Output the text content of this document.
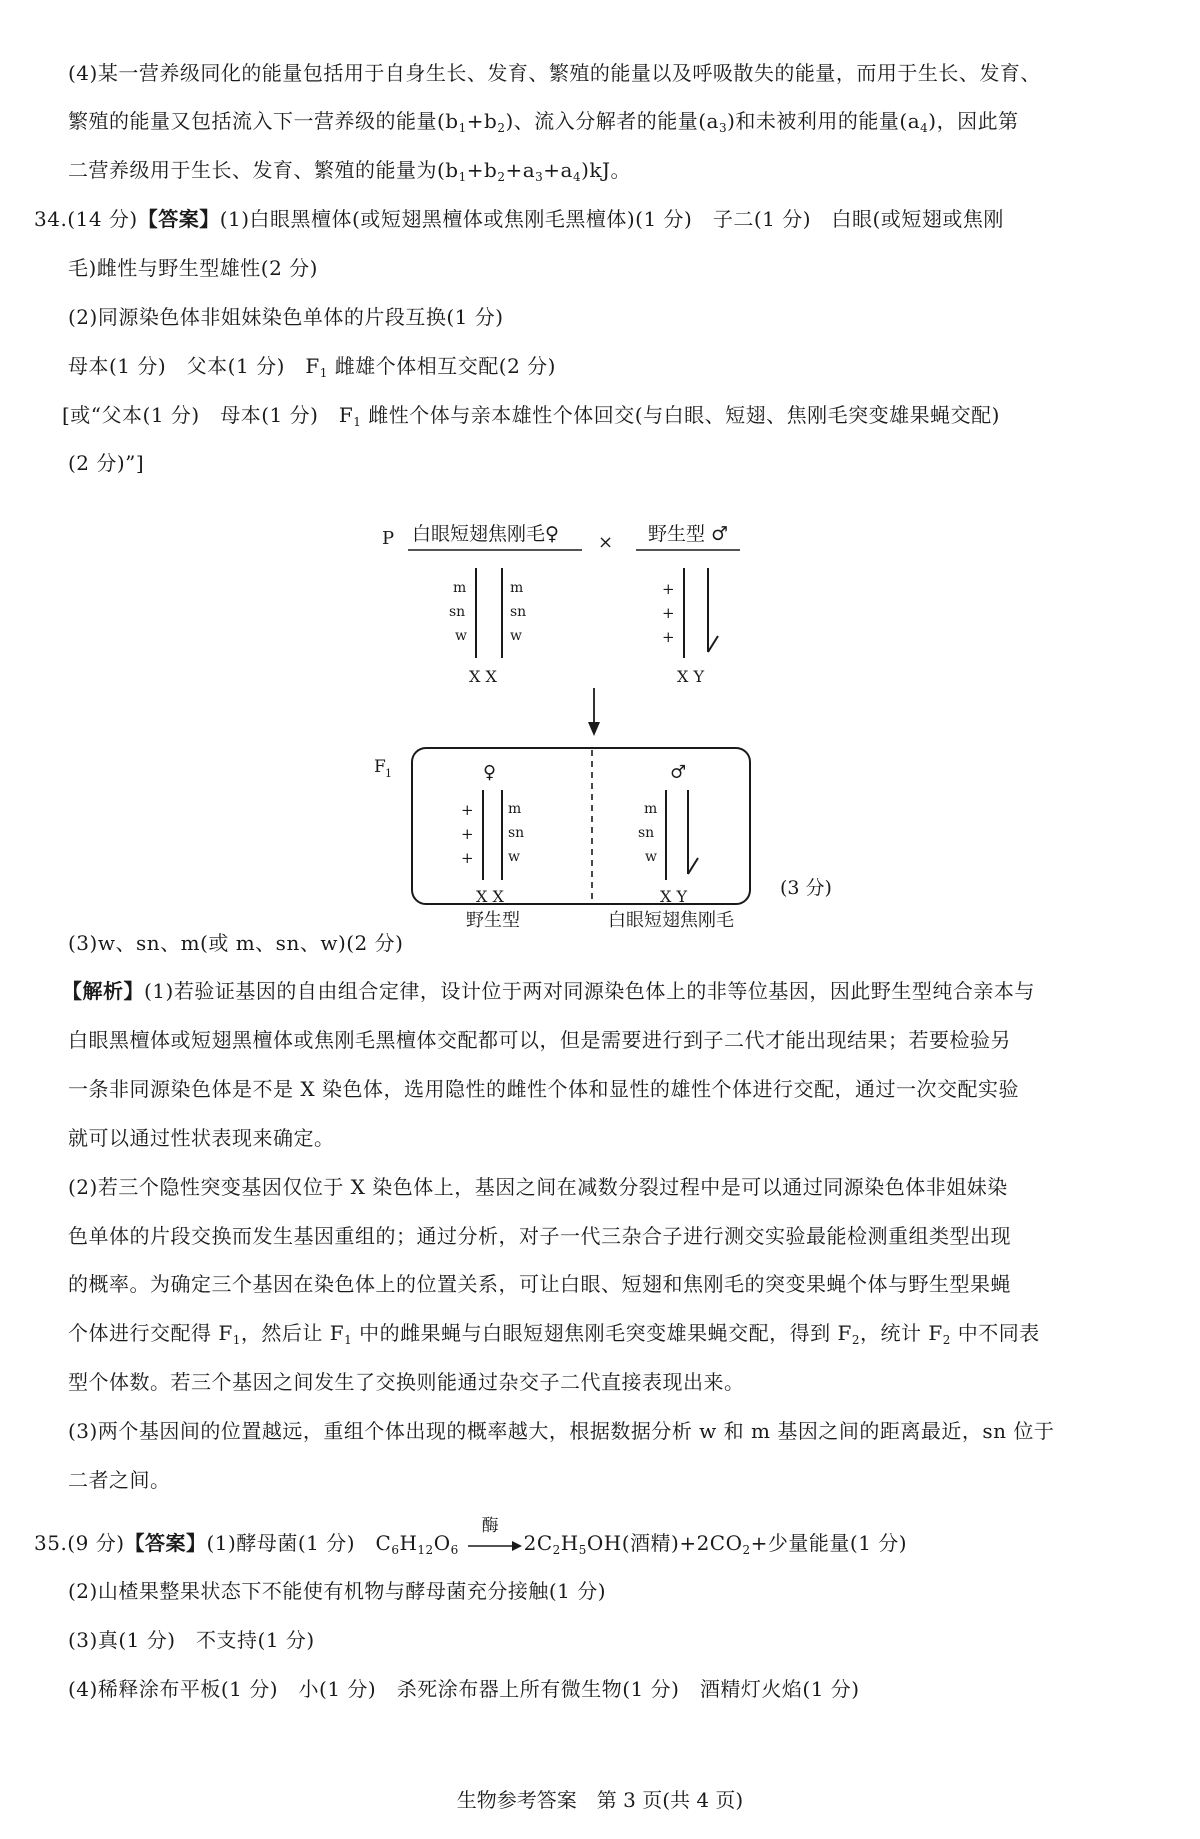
(4)某一营养级同化的能量包括用于自身生长、发育、繁殖的能量以及呼吸散失的能量，而用于生长、发育、
繁殖的能量又包括流入下一营养级的能量$(b_1+b_2)$、流入分解者的能量$(a_3)$和未被利用的能量$(a_4)$，因此第
二营养级用于生长、发育、繁殖的能量为$(b_1+b_2+a_3+a_4)kJ$。
34.(14 分)【答案】(1)白眼黑檀体(或短翅黑檀体或焦刚毛黑檀体)(1 分)　子二(1 分)　白眼(或短翅或焦刚
毛)雌性与野生型雄性(2 分)
(2)同源染色体非姐妹染色单体的片段互换(1 分)
母本(1 分)　父本(1 分)　$F_1$ 雌雄个体相互交配(2 分)
[或“父本(1 分)　母本(1 分)　$F_1$ 雌性个体与亲本雄性个体回交(与白眼、短翅、焦刚毛突变雄果蝇交配)
(2 分)”]
P 白眼短翅焦刚毛♀ × 野生型 ♂
m
sn
w
m
sn
w
X X
+
+
+
X Y
F 1	♀
+
+
+
m
sn
w
X X
♂
m
sn
w
X Y
野生型	白眼短翅焦刚毛
(3 分)
(3)w、sn、m(或 m、sn、w)(2 分)
【解析】(1)若验证基因的自由组合定律，设计位于两对同源染色体上的非等位基因，因此野生型纯合亲本与
白眼黑檀体或短翅黑檀体或焦刚毛黑檀体交配都可以，但是需要进行到子二代才能出现结果；若要检验另
一条非同源染色体是不是 X 染色体，选用隐性的雌性个体和显性的雄性个体进行交配，通过一次交配实验
就可以通过性状表现来确定。
(2)若三个隐性突变基因仅位于 X 染色体上，基因之间在减数分裂过程中是可以通过同源染色体非姐妹染
色单体的片段交换而发生基因重组的；通过分析，对子一代三杂合子进行测交实验最能检测重组类型出现
的概率。为确定三个基因在染色体上的位置关系，可让白眼、短翅和焦刚毛的突变果蝇个体与野生型果蝇
个体进行交配得 $F_1$，然后让 $F_1$ 中的雌果蝇与白眼短翅焦刚毛突变雄果蝇交配，得到 $F_2$，统计 $F_2$ 中不同表
型个体数。若三个基因之间发生了交换则能通过杂交子二代直接表现出来。
(3)两个基因间的位置越远，重组个体出现的概率越大，根据数据分析 w 和 m 基因之间的距离最近，sn 位于
二者之间。
35.(9 分)【答案】(1)酵母菌(1 分)　$C_6H_{12}O_6$
酶
$2C_2H_5OH$(酒精)$+2CO_2+$少量能量(1 分)
(2)山楂果整果状态下不能使有机物与酵母菌充分接触(1 分)
(3)真(1 分)　不支持(1 分)
(4)稀释涂布平板(1 分)　小(1 分)　杀死涂布器上所有微生物(1 分)　酒精灯火焰(1 分)
生物参考答案　第 3 页(共 4 页)
